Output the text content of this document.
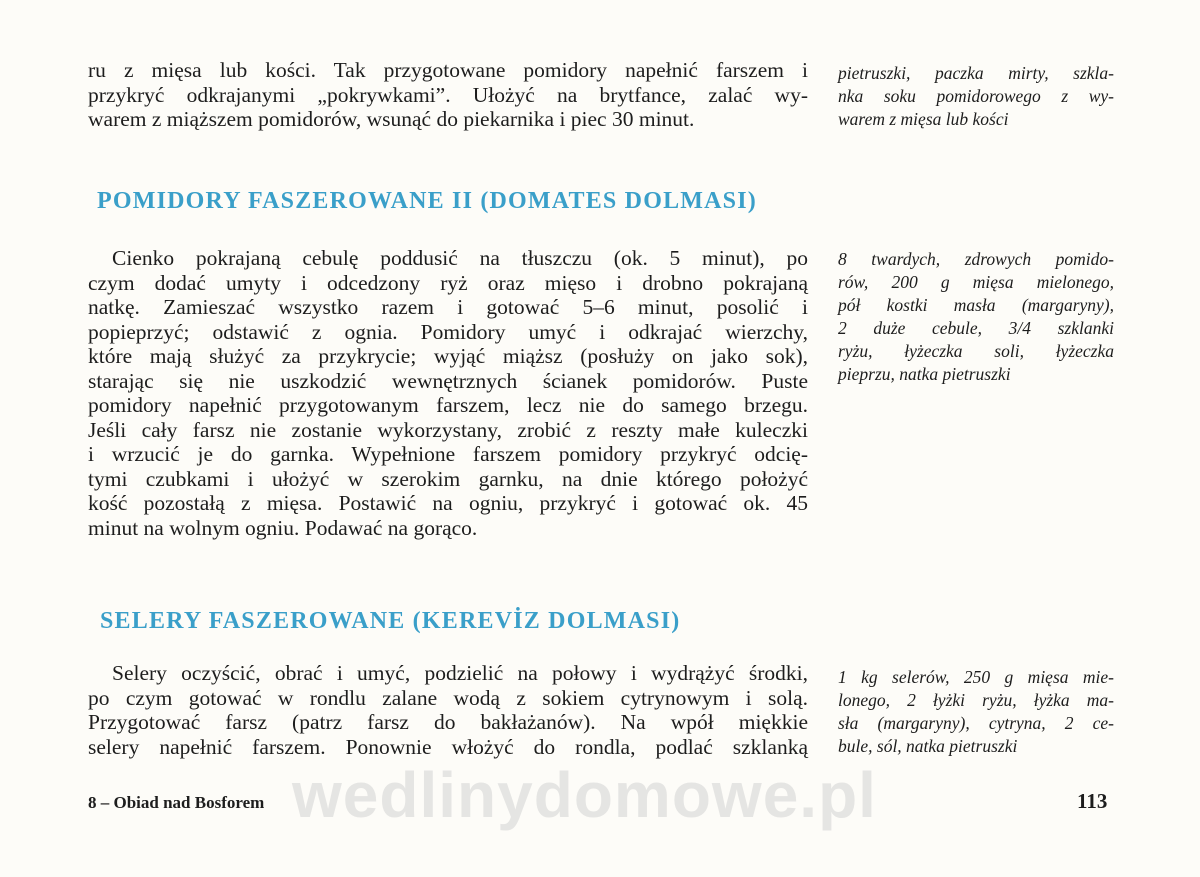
ru z mięsa lub kości. Tak przygotowane pomidory napełnić farszem i
przykryć odkrajanymi „pokrywkami”. Ułożyć na brytfance, zalać wy-
warem z miąższem pomidorów, wsunąć do piekarnika i piec 30 minut.
pietruszki, paczka mirty, szkla-
nka soku pomidorowego z wy-
warem z mięsa lub kości
POMIDORY FASZEROWANE II (DOMATES DOLMASI)
Cienko pokrajaną cebulę poddusić na tłuszczu (ok. 5 minut), po
czym dodać umyty i odcedzony ryż oraz mięso i drobno pokrajaną
natkę. Zamieszać wszystko razem i gotować 5–6 minut, posolić i
popieprzyć; odstawić z ognia. Pomidory umyć i odkrajać wierzchy,
które mają służyć za przykrycie; wyjąć miąższ (posłuży on jako sok),
starając się nie uszkodzić wewnętrznych ścianek pomidorów. Puste
pomidory napełnić przygotowanym farszem, lecz nie do samego brzegu.
Jeśli cały farsz nie zostanie wykorzystany, zrobić z reszty małe kuleczki
i wrzucić je do garnka. Wypełnione farszem pomidory przykryć odcię-
tymi czubkami i ułożyć w szerokim garnku, na dnie którego położyć
kość pozostałą z mięsa. Postawić na ogniu, przykryć i gotować ok. 45
minut na wolnym ogniu. Podawać na gorąco.
8 twardych, zdrowych pomido-
rów, 200 g mięsa mielonego,
pół kostki masła (margaryny),
2 duże cebule, 3/4 szklanki
ryżu, łyżeczka soli, łyżeczka
pieprzu, natka pietruszki
SELERY FASZEROWANE (KEREVİZ DOLMASI)
Selery oczyścić, obrać i umyć, podzielić na połowy i wydrążyć środki,
po czym gotować w rondlu zalane wodą z sokiem cytrynowym i solą.
Przygotować farsz (patrz farsz do bakłażanów). Na wpół miękkie
selery napełnić farszem. Ponownie włożyć do rondla, podlać szklanką
1 kg selerów, 250 g mięsa mie-
lonego, 2 łyżki ryżu, łyżka ma-
sła (margaryny), cytryna, 2 ce-
bule, sól, natka pietruszki
wedlinydomowe.pl
8 – Obiad nad Bosforem	113
